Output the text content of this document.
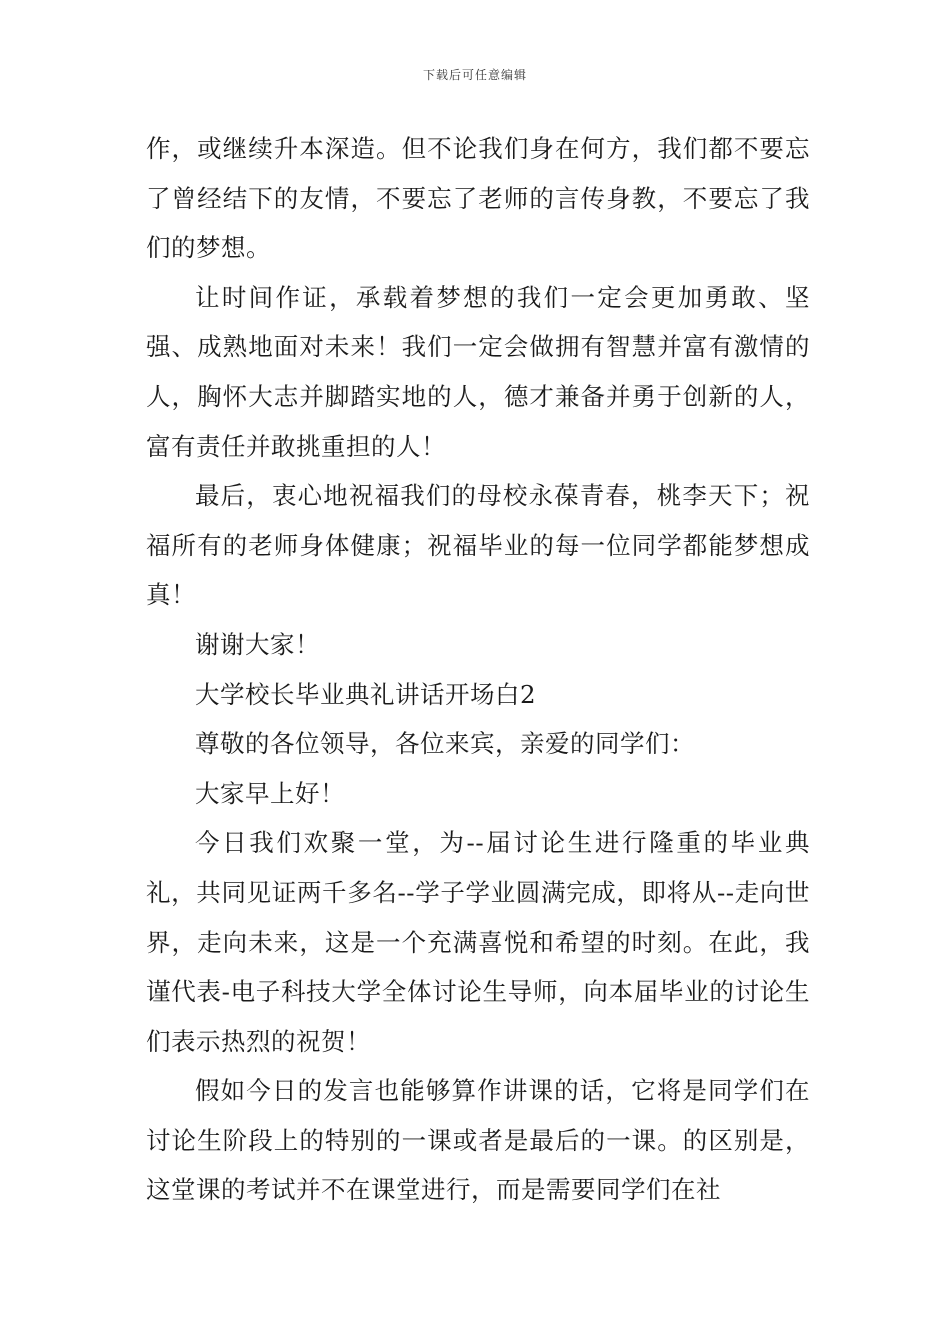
下载后可任意编辑

作，或继续升本深造。但不论我们身在何方，我们都不要忘了曾经结下的友情，不要忘了老师的言传身教，不要忘了我们的梦想。

让时间作证，承载着梦想的我们一定会更加勇敢、坚强、成熟地面对未来！我们一定会做拥有智慧并富有激情的人，胸怀大志并脚踏实地的人，德才兼备并勇于创新的人，富有责任并敢挑重担的人！

最后，衷心地祝福我们的母校永葆青春，桃李天下；祝福所有的老师身体健康；祝福毕业的每一位同学都能梦想成真！

谢谢大家！

大学校长毕业典礼讲话开场白2

尊敬的各位领导，各位来宾，亲爱的同学们：

大家早上好！

今日我们欢聚一堂，为--届讨论生进行隆重的毕业典礼，共同见证两千多名--学子学业圆满完成，即将从--走向世界，走向未来，这是一个充满喜悦和希望的时刻。在此，我谨代表-电子科技大学全体讨论生导师，向本届毕业的讨论生们表示热烈的祝贺！

假如今日的发言也能够算作讲课的话，它将是同学们在讨论生阶段上的特别的一课或者是最后的一课。的区别是，这堂课的考试并不在课堂进行，而是需要同学们在社
